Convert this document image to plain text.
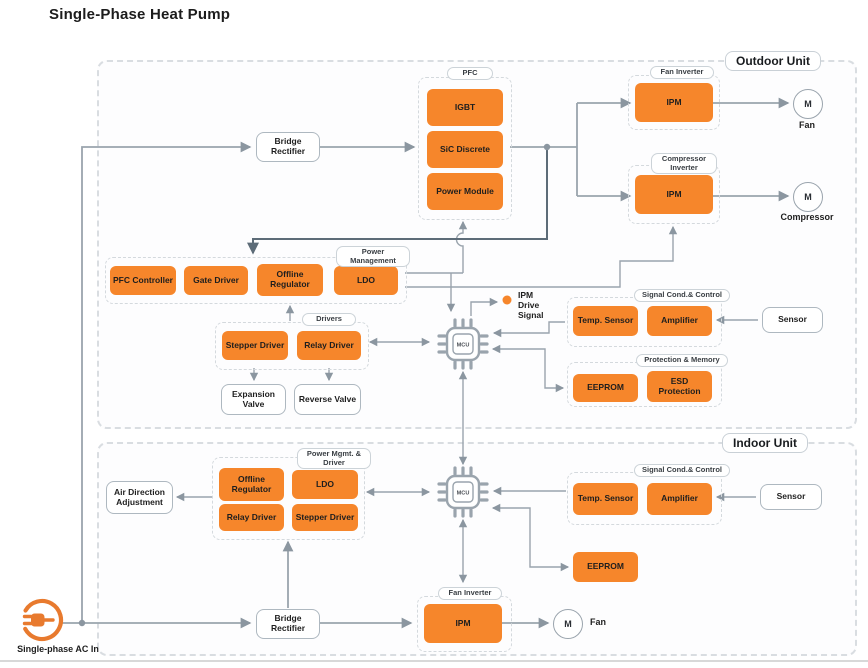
Single-Phase Heat Pump
Outdoor Unit
Indoor Unit
Bridge Rectifier
PFC
IGBT
SiC Discrete
Power Module
Fan Inverter
IPM
Compressor Inverter
IPM
M
Fan
M
Compressor
Power Management
PFC Controller	Gate Driver
Offline Regulator	LDO
Drivers
Stepper Driver	Relay Driver
Expansion Valve	Reverse Valve
MCU
IPM Drive Signal
Signal Cond.& Control
Temp. Sensor	Amplifier	Sensor
Protection & Memory
EEPROM
ESD Protection
Air Direction Adjustment
Power Mgmt. & Driver
Offline Regulator	LDO
Relay Driver	Stepper Driver
MCU
Signal Cond.& Control
Temp. Sensor	Amplifier	Sensor
EEPROM
Bridge Rectifier
Fan Inverter
IPM	M	Fan
Single-phase AC In
